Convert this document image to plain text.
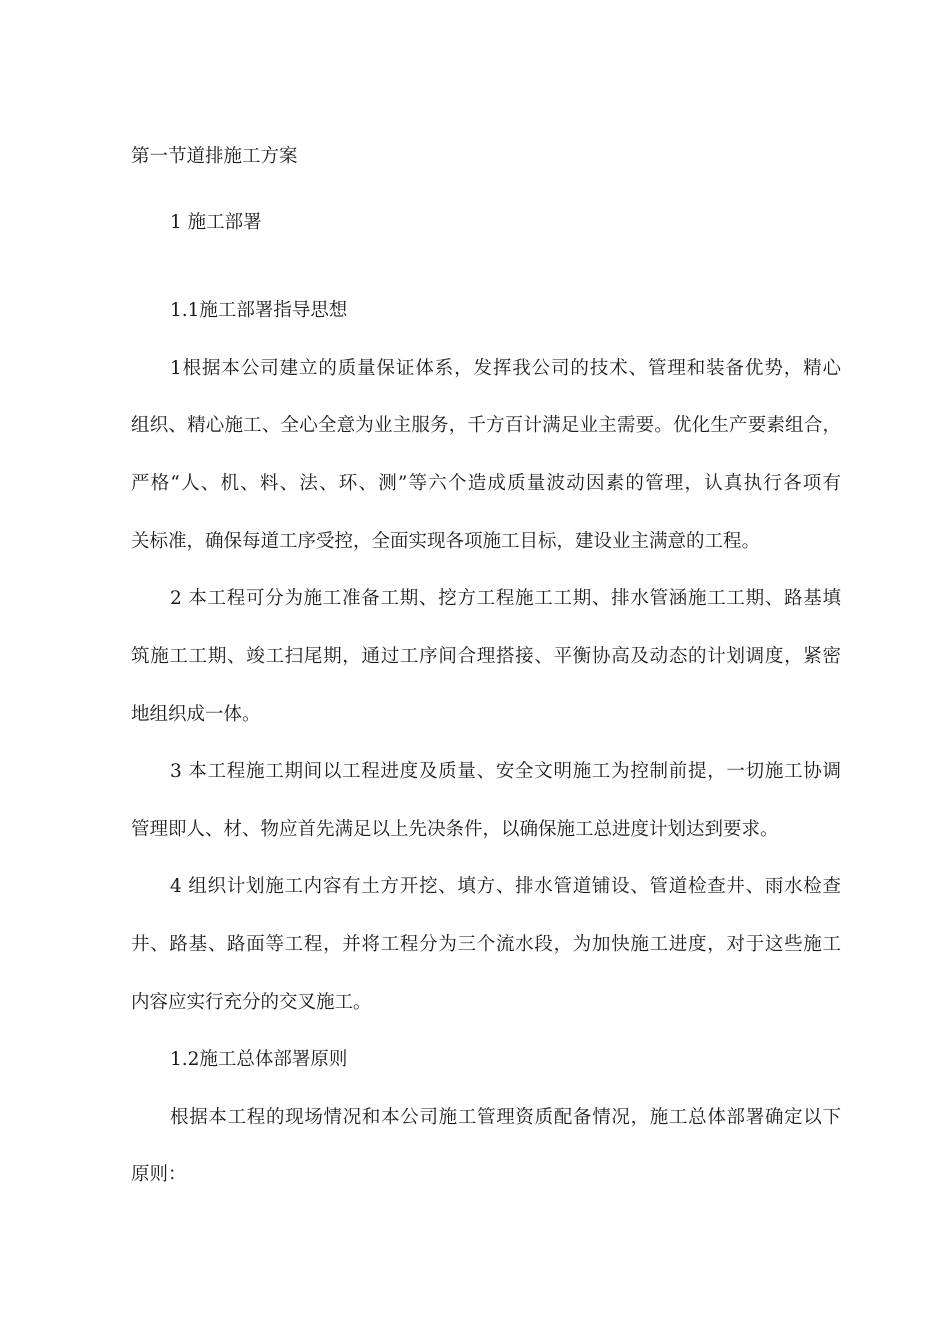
第一节道排施工方案
1 施工部署
1.1施工部署指导思想
1根据本公司建立的质量保证体系，发挥我公司的技术、管理和装备优势，精心
组织、精心施工、全心全意为业主服务，千方百计满足业主需要。优化生产要素组合，
严格“人、机、料、法、环、测”等六个造成质量波动因素的管理，认真执行各项有
关标准，确保每道工序受控，全面实现各项施工目标，建设业主满意的工程。
2 本工程可分为施工准备工期、挖方工程施工工期、排水管涵施工工期、路基填
筑施工工期、竣工扫尾期，通过工序间合理搭接、平衡协高及动态的计划调度，紧密
地组织成一体。
3 本工程施工期间以工程进度及质量、安全文明施工为控制前提，一切施工协调
管理即人、材、物应首先满足以上先决条件，以确保施工总进度计划达到要求。
4 组织计划施工内容有土方开挖、填方、排水管道铺设、管道检查井、雨水检查
井、路基、路面等工程，并将工程分为三个流水段，为加快施工进度，对于这些施工
内容应实行充分的交叉施工。
1.2施工总体部署原则
根据本工程的现场情况和本公司施工管理资质配备情况，施工总体部署确定以下
原则：
